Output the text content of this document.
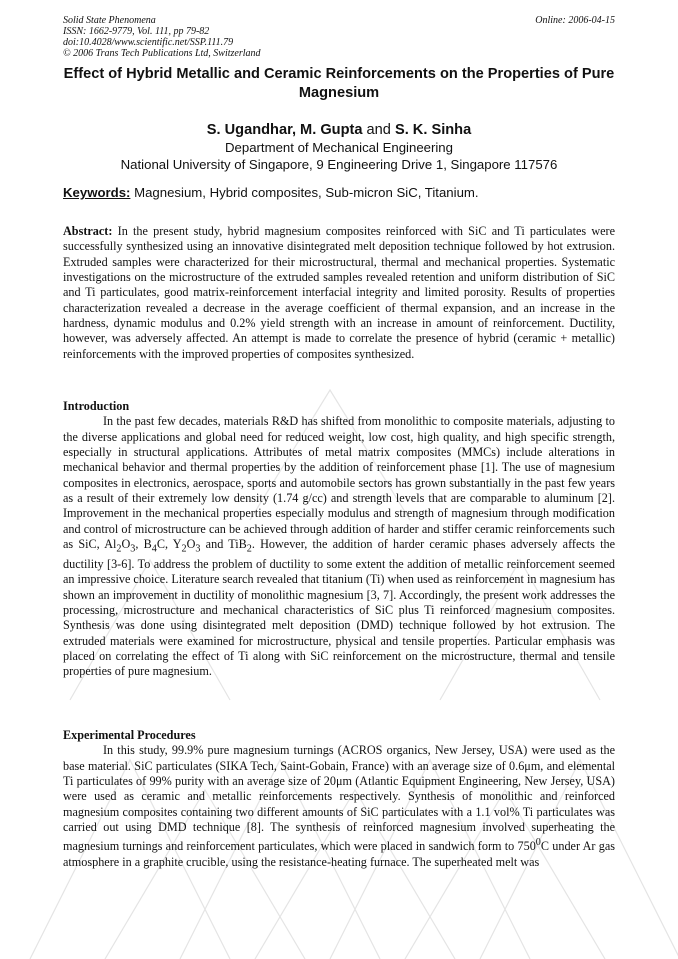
Solid State Phenomena
ISSN: 1662-9779, Vol. 111, pp 79-82
doi:10.4028/www.scientific.net/SSP.111.79
© 2006 Trans Tech Publications Ltd, Switzerland
Online: 2006-04-15
Effect of Hybrid Metallic and Ceramic Reinforcements on the Properties of Pure Magnesium
S. Ugandhar, M. Gupta and S. K. Sinha
Department of Mechanical Engineering
National University of Singapore, 9 Engineering Drive 1, Singapore 117576
Keywords: Magnesium, Hybrid composites, Sub-micron SiC, Titanium.
Abstract: In the present study, hybrid magnesium composites reinforced with SiC and Ti particulates were successfully synthesized using an innovative disintegrated melt deposition technique followed by hot extrusion. Extruded samples were characterized for their microstructural, thermal and mechanical properties. Systematic investigations on the microstructure of the extruded samples revealed retention and uniform distribution of SiC and Ti particulates, good matrix-reinforcement interfacial integrity and limited porosity. Results of properties characterization revealed a decrease in the average coefficient of thermal expansion, and an increase in the hardness, dynamic modulus and 0.2% yield strength with an increase in amount of reinforcement. Ductility, however, was adversely affected. An attempt is made to correlate the presence of hybrid (ceramic + metallic) reinforcements with the improved properties of composites synthesized.
Introduction
In the past few decades, materials R&D has shifted from monolithic to composite materials, adjusting to the diverse applications and global need for reduced weight, low cost, high quality, and high specific strength, especially in structural applications. Attributes of metal matrix composites (MMCs) include alterations in mechanical behavior and thermal properties by the addition of reinforcement phase [1]. The use of magnesium composites in electronics, aerospace, sports and automobile sectors has grown substantially in the past few years as a result of their extremely low density (1.74 g/cc) and strength levels that are comparable to aluminum [2]. Improvement in the mechanical properties especially modulus and strength of magnesium through modification and control of microstructure can be achieved through addition of harder and stiffer ceramic reinforcements such as SiC, $Al_2O_3$, $B_4C$, $Y_2O_3$ and TiB$_2$. However, the addition of harder ceramic phases adversely affects the ductility [3-6]. To address the problem of ductility to some extent the addition of metallic reinforcement seemed an impressive choice. Literature search revealed that titanium (Ti) when used as reinforcement in magnesium has shown an improvement in ductility of monolithic magnesium [3, 7]. Accordingly, the present work addresses the processing, microstructure and mechanical characteristics of SiC plus Ti reinforced magnesium composites. Synthesis was done using disintegrated melt deposition (DMD) technique followed by hot extrusion. The extruded materials were examined for microstructure, physical and tensile properties. Particular emphasis was placed on correlating the effect of Ti along with SiC reinforcement on the microstructure, thermal and tensile properties of pure magnesium.
Experimental Procedures
In this study, 99.9% pure magnesium turnings (ACROS organics, New Jersey, USA) were used as the base material. SiC particulates (SIKA Tech, Saint-Gobain, France) with an average size of 0.6μm, and elemental Ti particulates of 99% purity with an average size of 20μm (Atlantic Equipment Engineering, New Jersey, USA) were used as ceramic and metallic reinforcements respectively. Synthesis of monolithic and reinforced magnesium composites containing two different amounts of SiC particulates with a 1.1 vol% Ti particulates was carried out using DMD technique [8]. The synthesis of reinforced magnesium involved superheating the magnesium turnings and reinforcement particulates, which were placed in sandwich form to $750^0C$ under Ar gas atmosphere in a graphite crucible, using the resistance-heating furnace. The superheated melt was
